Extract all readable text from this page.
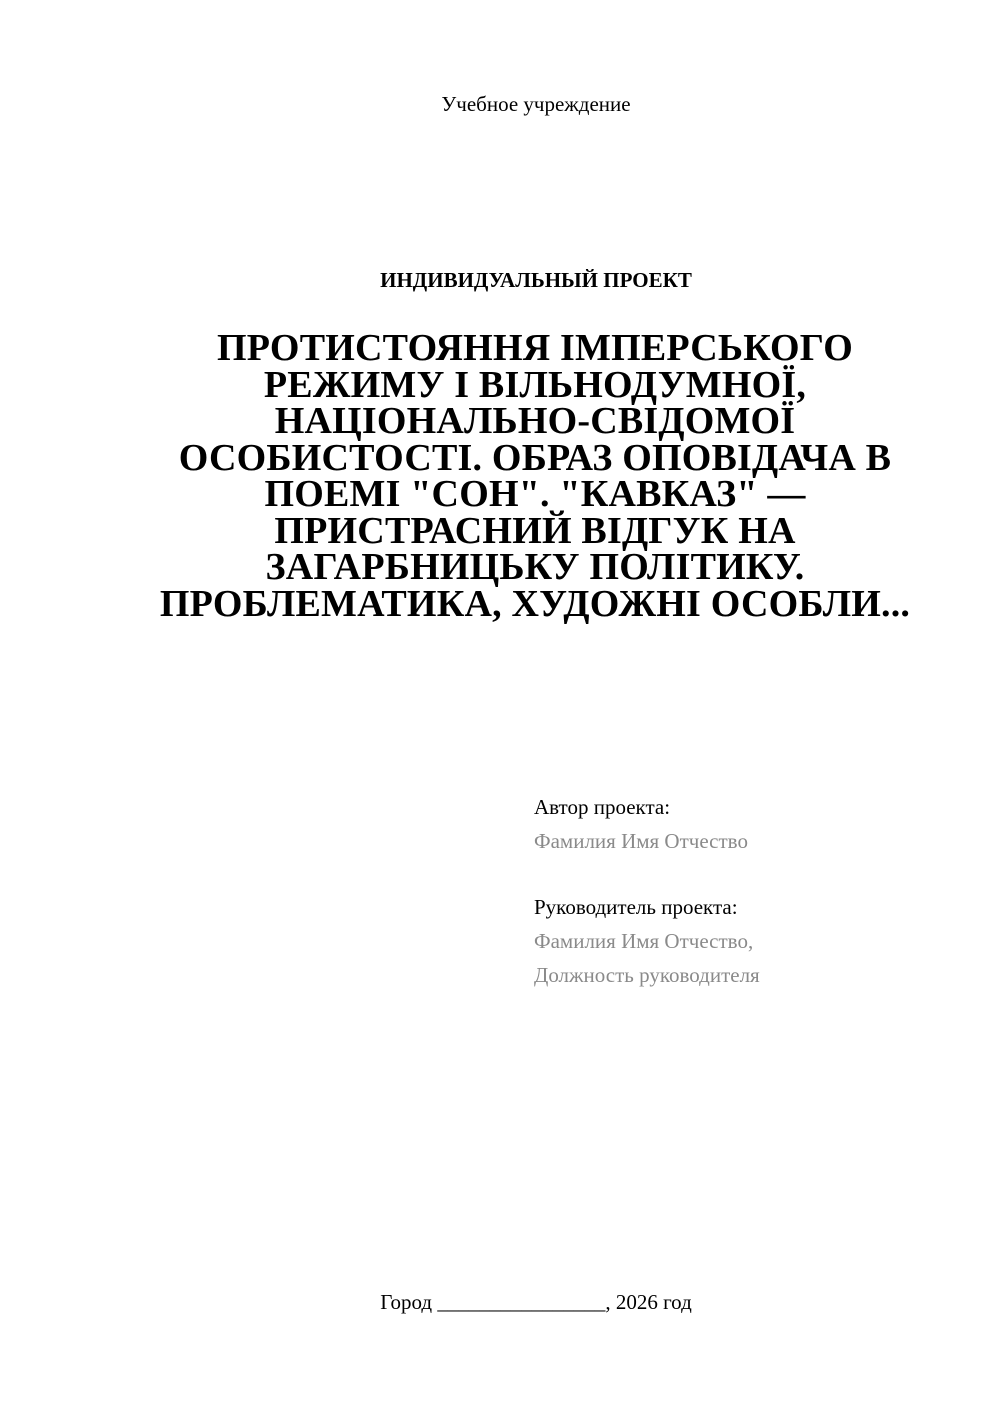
Учебное учреждение
ИНДИВИДУАЛЬНЫЙ ПРОЕКТ
ПРОТИСТОЯННЯ ІМПЕРСЬКОГО
РЕЖИМУ І ВІЛЬНОДУМНОЇ,
НАЦІОНАЛЬНО-СВІДОМОЇ
ОСОБИСТОСТІ. ОБРАЗ ОПОВІДАЧА В
ПОЕМІ "СОН". "КАВКАЗ" —
ПРИСТРАСНИЙ ВІДГУК НА
ЗАГАРБНИЦЬКУ ПОЛІТИКУ.
ПРОБЛЕМАТИКА, ХУДОЖНІ ОСОБЛИ...
Автор проекта:
Фамилия Имя Отчество
Руководитель проекта:
Фамилия Имя Отчество,
Должность руководителя
Город ________________, 2026 год
